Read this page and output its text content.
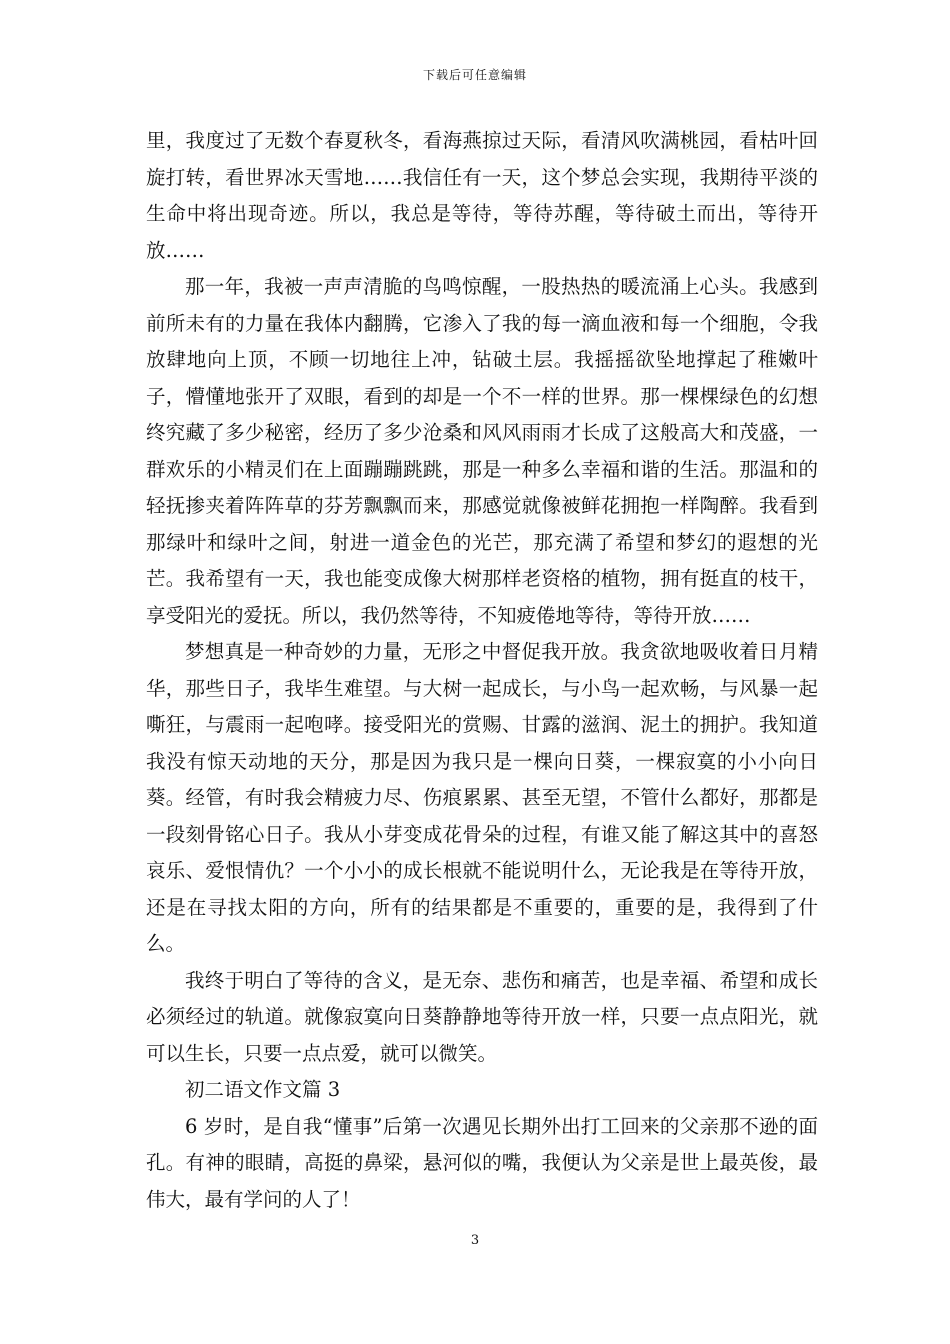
下载后可任意编辑

里，我度过了无数个春夏秋冬，看海燕掠过天际，看清风吹满桃园，看枯叶回旋打转，看世界冰天雪地……我信任有一天，这个梦总会实现，我期待平淡的生命中将出现奇迹。所以，我总是等待，等待苏醒，等待破土而出，等待开放……

那一年，我被一声声清脆的鸟鸣惊醒，一股热热的暖流涌上心头。我感到前所未有的力量在我体内翻腾，它渗入了我的每一滴血液和每一个细胞，令我放肆地向上顶，不顾一切地往上冲，钻破土层。我摇摇欲坠地撑起了稚嫩叶子，懵懂地张开了双眼，看到的却是一个不一样的世界。那一棵棵绿色的幻想终究藏了多少秘密，经历了多少沧桑和风风雨雨才长成了这般高大和茂盛，一群欢乐的小精灵们在上面蹦蹦跳跳，那是一种多么幸福和谐的生活。那温和的轻抚掺夹着阵阵草的芬芳飘飘而来，那感觉就像被鲜花拥抱一样陶醉。我看到那绿叶和绿叶之间，射进一道金色的光芒，那充满了希望和梦幻的遐想的光芒。我希望有一天，我也能变成像大树那样老资格的植物，拥有挺直的枝干，享受阳光的爱抚。所以，我仍然等待，不知疲倦地等待，等待开放……

梦想真是一种奇妙的力量，无形之中督促我开放。我贪欲地吸收着日月精华，那些日子，我毕生难望。与大树一起成长，与小鸟一起欢畅，与风暴一起嘶狂，与震雨一起咆哮。接受阳光的赏赐、甘露的滋润、泥土的拥护。我知道我没有惊天动地的天分，那是因为我只是一棵向日葵，一棵寂寞的小小向日葵。经管，有时我会精疲力尽、伤痕累累、甚至无望，不管什么都好，那都是一段刻骨铭心日子。我从小芽变成花骨朵的过程，有谁又能了解这其中的喜怒哀乐、爱恨情仇？一个小小的成长根就不能说明什么，无论我是在等待开放，还是在寻找太阳的方向，所有的结果都是不重要的，重要的是，我得到了什么。

我终于明白了等待的含义，是无奈、悲伤和痛苦，也是幸福、希望和成长必须经过的轨道。就像寂寞向日葵静静地等待开放一样，只要一点点阳光，就可以生长，只要一点点爱，就可以微笑。

初二语文作文篇 3

6 岁时，是自我“懂事”后第一次遇见长期外出打工回来的父亲那不逊的面孔。有神的眼睛，高挺的鼻梁，悬河似的嘴，我便认为父亲是世上最英俊，最伟大，最有学问的人了！

3
